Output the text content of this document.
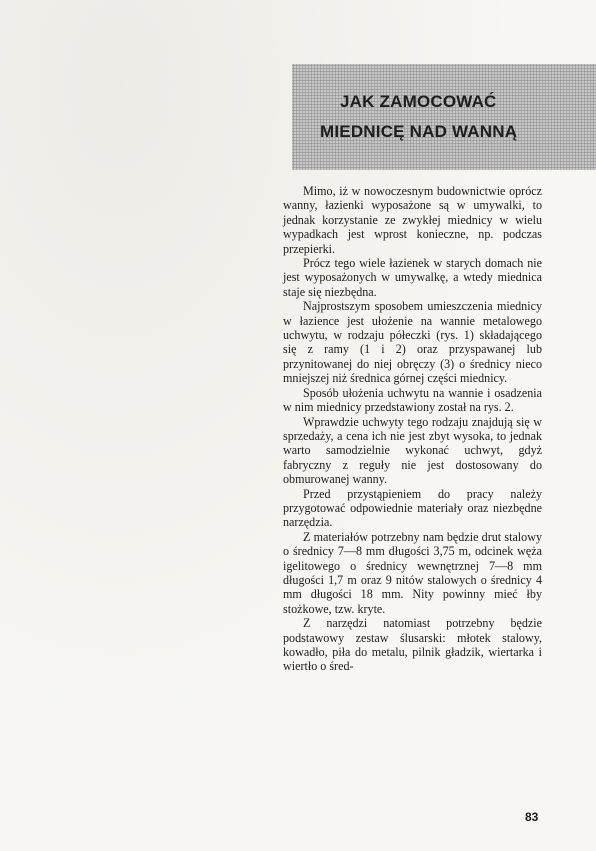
JAK ZAMOCOWAĆ
MIEDNICĘ NAD WANNĄ

Mimo, iż w nowoczesnym budownictwie oprócz wanny, łazienki wyposażone są w umywalki, to jednak korzystanie ze zwykłej miednicy w wielu wypadkach jest wprost konieczne, np. podczas przepierki.

Prócz tego wiele łazienek w starych domach nie jest wyposażonych w umywalkę, a wtedy miednica staje się niezbędna.

Najprostszym sposobem umieszczenia miednicy w łazience jest ułożenie na wannie metalowego uchwytu, w rodzaju półeczki (rys. 1) składającego się z ramy (1 i 2) oraz przyspawanej lub przynitowanej do niej obręczy (3) o średnicy nieco mniejszej niż średnica górnej części miednicy.

Sposób ułożenia uchwytu na wannie i osadzenia w nim miednicy przedstawiony został na rys. 2.

Wprawdzie uchwyty tego rodzaju znajdują się w sprzedaży, a cena ich nie jest zbyt wysoka, to jednak warto samodzielnie wykonać uchwyt, gdyż fabryczny z reguły nie jest dostosowany do obmurowanej wanny.

Przed przystąpieniem do pracy należy przygotować odpowiednie materiały oraz niezbędne narzędzia.

Z materiałów potrzebny nam będzie drut stalowy o średnicy 7—8 mm długości 3,75 m, odcinek węża igelitowego o średnicy wewnętrznej 7—8 mm długości 1,7 m oraz 9 nitów stalowych o średnicy 4 mm długości 18 mm. Nity powinny mieć łby stożkowe, tzw. kryte.

Z narzędzi natomiast potrzebny będzie podstawowy zestaw ślusarski: młotek stalowy, kowadło, piła do metalu, pilnik gładzik, wiertarka i wiertło o śred-

83
